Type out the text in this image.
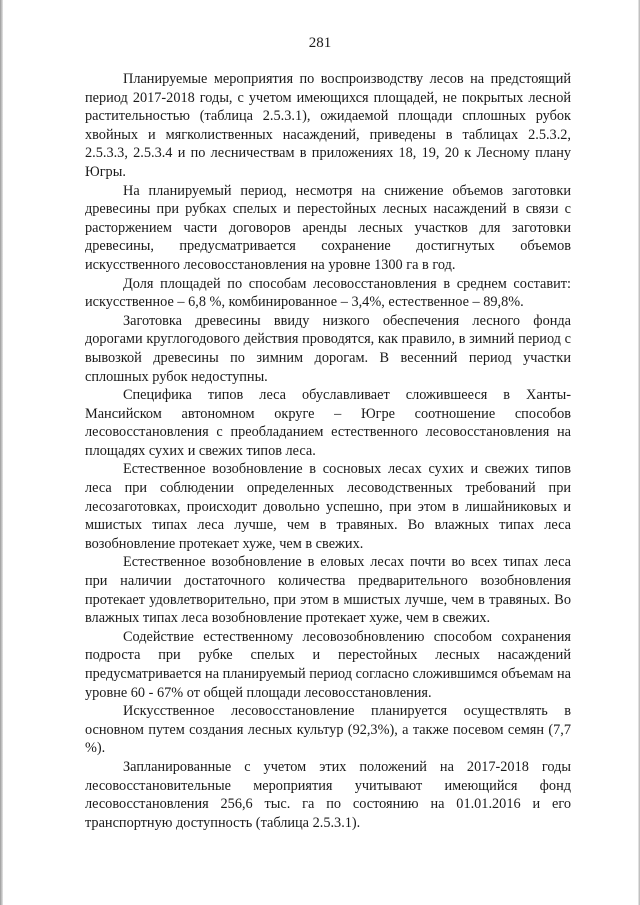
281

Планируемые мероприятия по воспроизводству лесов на предстоящий период 2017-2018 годы, с учетом имеющихся площадей, не покрытых лесной растительностью (таблица 2.5.3.1), ожидаемой площади сплошных рубок хвойных и мягколиственных насаждений, приведены в таблицах 2.5.3.2, 2.5.3.3, 2.5.3.4 и по лесничествам в приложениях 18, 19, 20 к Лесному плану Югры.

На планируемый период, несмотря на снижение объемов заготовки древесины при рубках спелых и перестойных лесных насаждений в связи с расторжением части договоров аренды лесных участков для заготовки древесины, предусматривается сохранение достигнутых объемов искусственного лесовосстановления на уровне 1300 га в год.

Доля площадей по способам лесовосстановления в среднем составит: искусственное – 6,8 %, комбинированное – 3,4%, естественное – 89,8%.

Заготовка древесины ввиду низкого обеспечения лесного фонда дорогами круглогодового действия проводятся, как правило, в зимний период с вывозкой древесины по зимним дорогам. В весенний период участки сплошных рубок недоступны.

Специфика типов леса обуславливает сложившееся в Ханты-Мансийском автономном округе – Югре соотношение способов лесовосстановления с преобладанием естественного лесовосстановления на площадях сухих и свежих типов леса.

Естественное возобновление в сосновых лесах сухих и свежих типов леса при соблюдении определенных лесоводственных требований при лесозаготовках, происходит довольно успешно, при этом в лишайниковых и мшистых типах леса лучше, чем в травяных. Во влажных типах леса возобновление протекает хуже, чем в свежих.

Естественное возобновление в еловых лесах почти во всех типах леса при наличии достаточного количества предварительного возобновления протекает удовлетворительно, при этом в мшистых лучше, чем в травяных. Во влажных типах леса возобновление протекает хуже, чем в свежих.

Содействие естественному лесовозобновлению способом сохранения подроста при рубке спелых и перестойных лесных насаждений предусматривается на планируемый период согласно сложившимся объемам на уровне 60 - 67% от общей площади лесовосстановления.

Искусственное лесовосстановление планируется осуществлять в основном путем создания лесных культур (92,3%), а также посевом семян (7,7 %).

Запланированные с учетом этих положений на 2017-2018 годы лесовосстановительные мероприятия учитывают имеющийся фонд лесовосстановления 256,6 тыс. га по состоянию на 01.01.2016 и его транспортную доступность (таблица 2.5.3.1).
